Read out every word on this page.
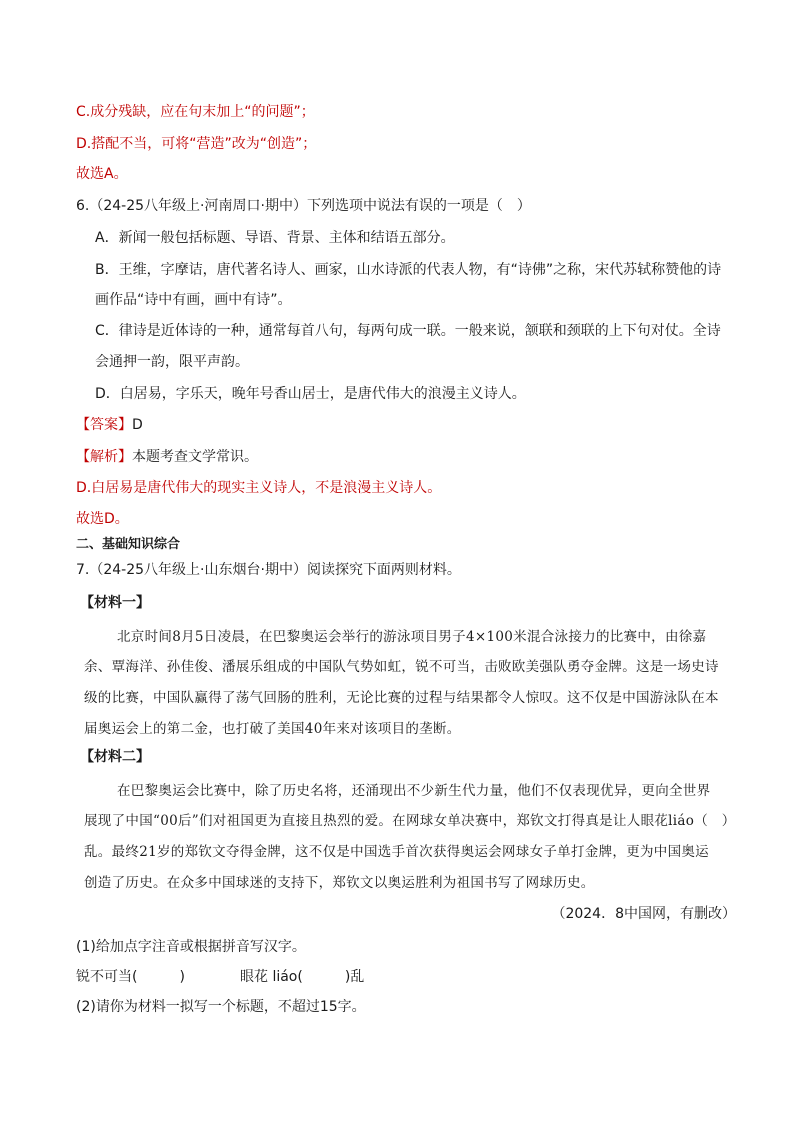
C.成分残缺，应在句末加上“的问题”；
D.搭配不当，可将“营造”改为“创造”；
故选A。
6.（24-25八年级上·河南周口·期中）下列选项中说法有误的一项是（　）
A．新闻一般包括标题、导语、背景、主体和结语五部分。
B．王维，字摩诘，唐代著名诗人、画家，山水诗派的代表人物，有“诗佛”之称，宋代苏轼称赞他的诗
画作品“诗中有画，画中有诗”。
C．律诗是近体诗的一种，通常每首八句，每两句成一联。一般来说，颔联和颈联的上下句对仗。全诗
会通押一韵，限平声韵。
D．白居易，字乐天，晚年号香山居士，是唐代伟大的浪漫主义诗人。
【答案】D
【解析】本题考查文学常识。
D.白居易是唐代伟大的现实主义诗人，不是浪漫主义诗人。
故选D。
二、基础知识综合
7.（24-25八年级上·山东烟台·期中）阅读探究下面两则材料。
【材料一】
北京时间8月5日凌晨，在巴黎奥运会举行的游泳项目男子4×100米混合泳接力的比赛中，由徐嘉
余、覃海洋、孙佳俊、潘展乐组成的中国队气势如虹，锐不可当，击败欧美强队勇夺金牌。这是一场史诗
级的比赛，中国队赢得了荡气回肠的胜利，无论比赛的过程与结果都令人惊叹。这不仅是中国游泳队在本
届奥运会上的第二金，也打破了美国40年来对该项目的垄断。
【材料二】
在巴黎奥运会比赛中，除了历史名将，还涌现出不少新生代力量，他们不仅表现优异，更向全世界
展现了中国“00后”们对祖国更为直接且热烈的爱。在网球女单决赛中，郑钦文打得真是让人眼花liáo（　）
乱。最终21岁的郑钦文夺得金牌，这不仅是中国选手首次获得奥运会网球女子单打金牌，更为中国奥运
创造了历史。在众多中国球迷的支持下，郑钦文以奥运胜利为祖国书写了网球历史。
（2024．8中国网，有删改）
(1)给加点字注音或根据拼音写汉字。
锐不可当(　　　)	眼花 liáo(　　　)乱
(2)请你为材料一拟写一个标题，不超过15字。
